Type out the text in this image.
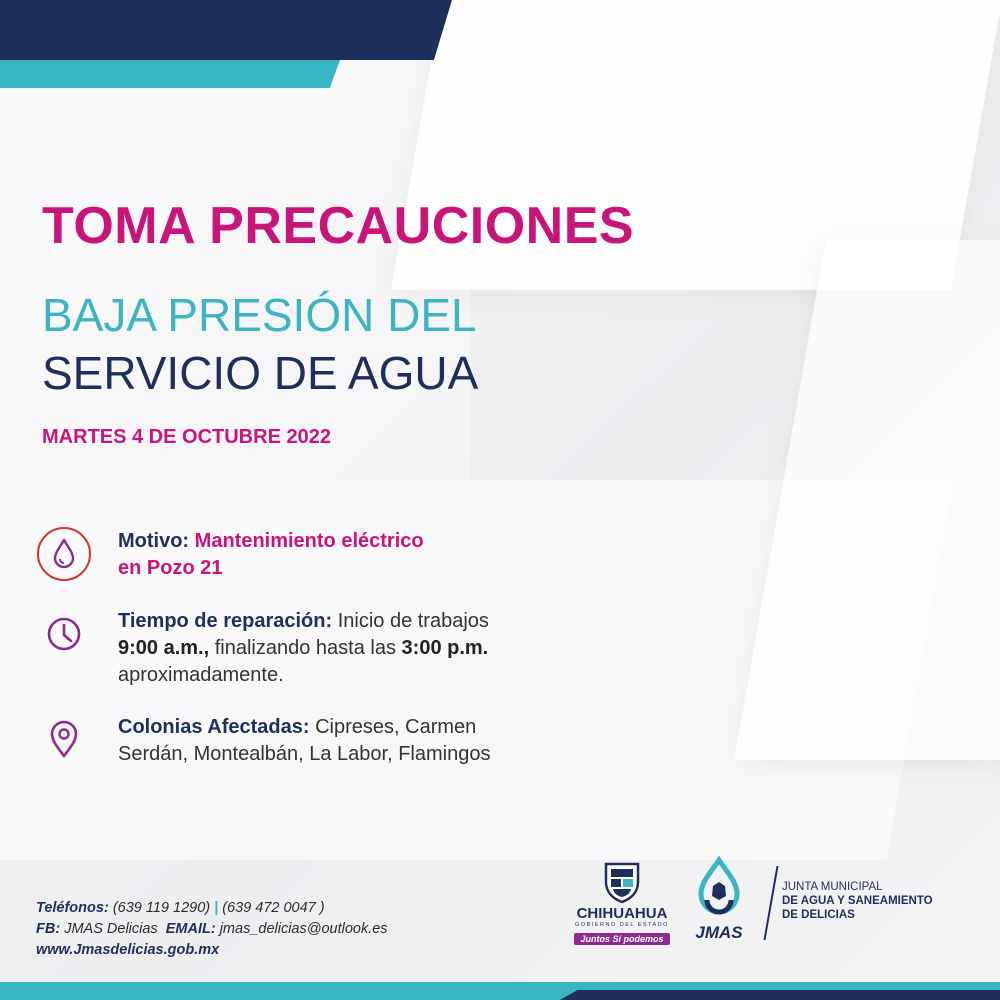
TOMA PRECAUCIONES
BAJA PRESIÓN DEL
SERVICIO DE AGUA
MARTES 4 DE OCTUBRE 2022
Motivo: Mantenimiento eléctrico
en Pozo 21
Tiempo de reparación: Inicio de trabajos
9:00 a.m., finalizando hasta las 3:00 p.m.
aproximadamente.
Colonias Afectadas: Cipreses, Carmen
Serdán, Montealbán, La Labor, Flamingos
Teléfonos: (639 119 1290) | (639 472 0047 )
FB: JMAS Delicias EMAIL: jmas_delicias@outlook.es
www.Jmasdelicias.gob.mx
CHIHUAHUA
GOBIERNO DEL ESTADO
Juntos Sí podemos	JMAS
JUNTA MUNICIPAL
DE AGUA Y SANEAMIENTO
DE DELICIAS
